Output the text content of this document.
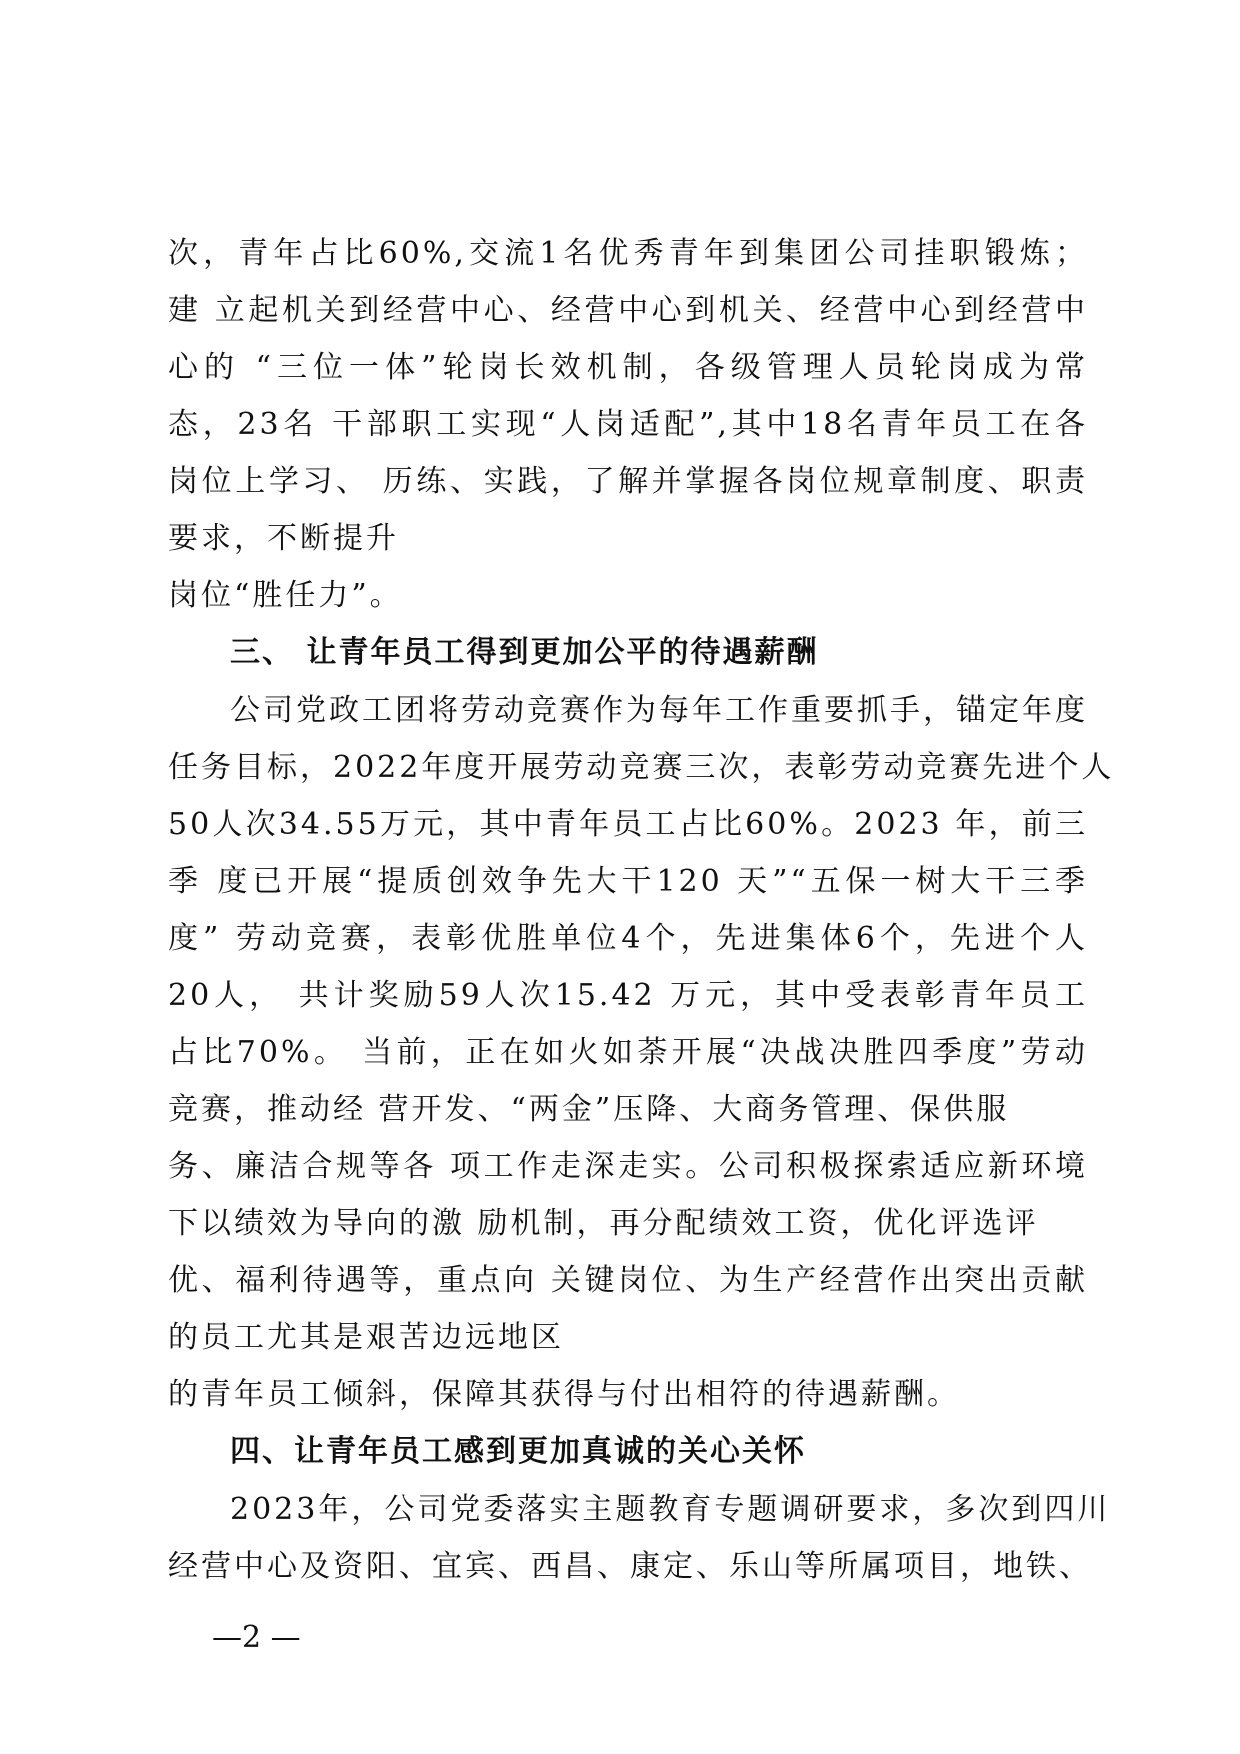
次，青年占比60%,交流1名优秀青年到集团公司挂职锻炼；
建 立起机关到经营中心、经营中心到机关、经营中心到经营中
心的 “三位一体”轮岗长效机制，各级管理人员轮岗成为常
态，23名 干部职工实现“人岗适配”,其中18名青年员工在各
岗位上学习、 历练、实践，了解并掌握各岗位规章制度、职责
要求，不断提升
岗位“胜任力”。
三、 让青年员工得到更加公平的待遇薪酬
公司党政工团将劳动竞赛作为每年工作重要抓手，锚定年度
任务目标，2022年度开展劳动竞赛三次，表彰劳动竞赛先进个人
50人次34.55万元，其中青年员工占比60%。2023 年，前三
季 度已开展“提质创效争先大干120 天”“五保一树大干三季
度” 劳动竞赛，表彰优胜单位4个，先进集体6个，先进个人
20人， 共计奖励59人次15.42 万元，其中受表彰青年员工
占比70%。 当前，正在如火如荼开展“决战决胜四季度”劳动
竞赛，推动经 营开发、“两金”压降、大商务管理、保供服
务、廉洁合规等各 项工作走深走实。公司积极探索适应新环境
下以绩效为导向的激 励机制，再分配绩效工资，优化评选评
优、福利待遇等，重点向 关键岗位、为生产经营作出突出贡献
的员工尤其是艰苦边远地区
的青年员工倾斜，保障其获得与付出相符的待遇薪酬。
四、让青年员工感到更加真诚的关心关怀
2023年，公司党委落实主题教育专题调研要求，多次到四川
经营中心及资阳、宜宾、西昌、康定、乐山等所属项目，地铁、
—2 —
